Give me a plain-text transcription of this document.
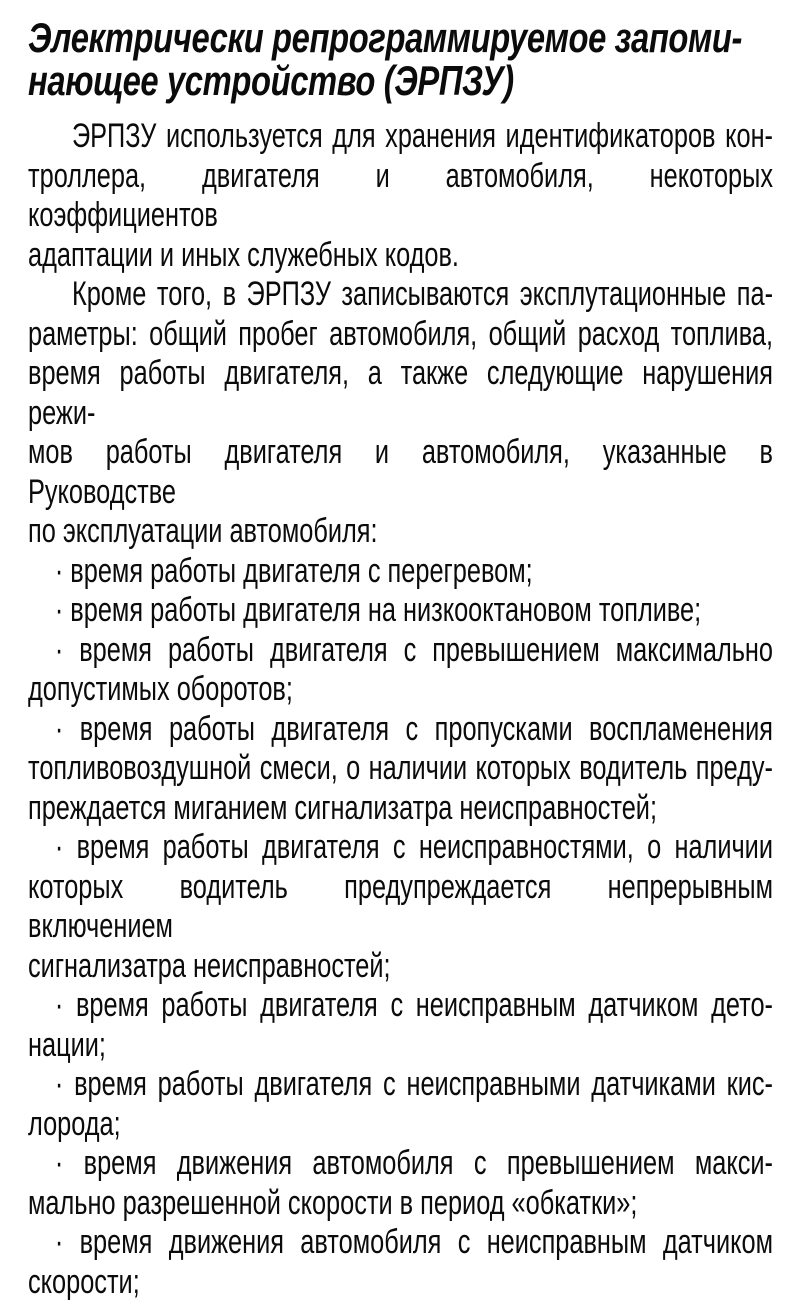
Электрически репрограммируемое запоми-
нающее устройство (ЭРПЗУ)
ЭРПЗУ используется для хранения идентификаторов кон-
троллера, двигателя и автомобиля, некоторых коэффициентов
адаптации и иных служебных кодов.
Кроме того, в ЭРПЗУ записываются эксплутационные па-
раметры: общий пробег автомобиля, общий расход топлива,
время работы двигателя, а также следующие нарушения режи-
мов работы двигателя и автомобиля, указанные в Руководстве
по эксплуатации автомобиля:
· время работы двигателя с перегревом;
· время работы двигателя на низкооктановом топливе;
· время работы двигателя с превышением максимально
допустимых оборотов;
· время работы двигателя с пропусками воспламенения
топливовоздушной смеси, о наличии которых водитель преду-
преждается миганием сигнализатра неисправностей;
· время работы двигателя с неисправностями, о наличии
которых водитель предупреждается непрерывным включением
сигнализатра неисправностей;
· время работы двигателя с неисправным датчиком дето-
нации;
· время работы двигателя с неисправными датчиками кис-
лорода;
· время движения автомобиля с превышением макси-
мально разрешенной скорости в период «обкатки»;
· время движения автомобиля с неисправным датчиком
скорости;
